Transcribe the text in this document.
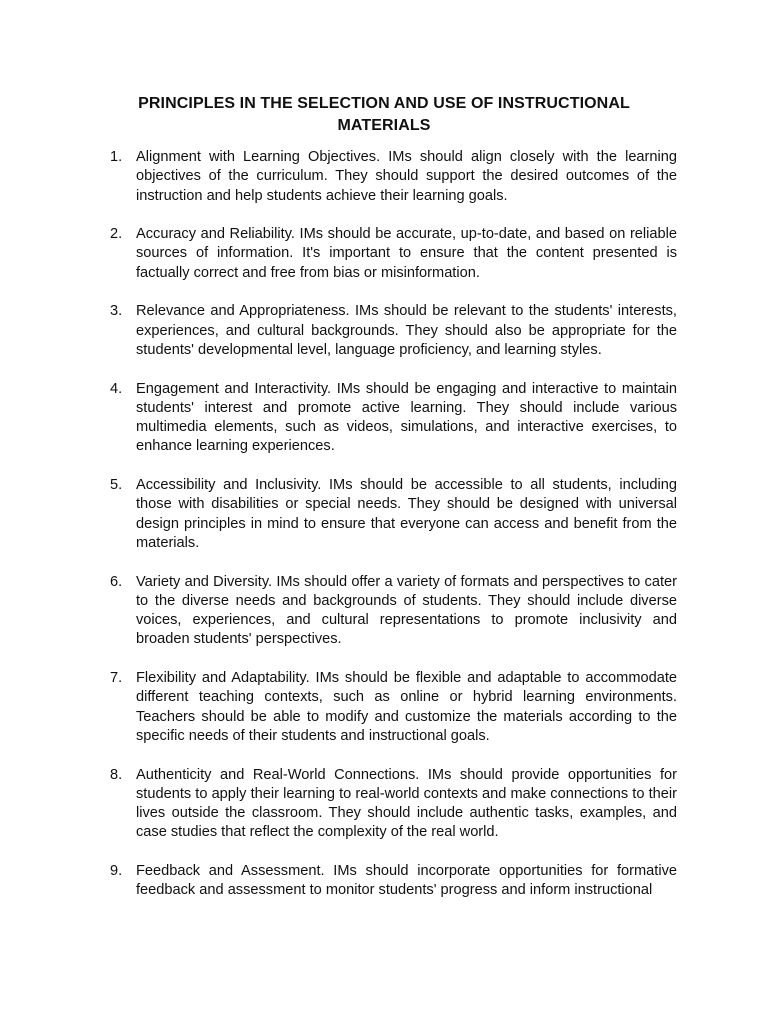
PRINCIPLES IN THE SELECTION AND USE OF INSTRUCTIONAL MATERIALS
1. Alignment with Learning Objectives. IMs should align closely with the learning objectives of the curriculum. They should support the desired outcomes of the instruction and help students achieve their learning goals.
2. Accuracy and Reliability. IMs should be accurate, up-to-date, and based on reliable sources of information. It's important to ensure that the content presented is factually correct and free from bias or misinformation.
3. Relevance and Appropriateness. IMs should be relevant to the students' interests, experiences, and cultural backgrounds. They should also be appropriate for the students' developmental level, language proficiency, and learning styles.
4. Engagement and Interactivity. IMs should be engaging and interactive to maintain students' interest and promote active learning. They should include various multimedia elements, such as videos, simulations, and interactive exercises, to enhance learning experiences.
5. Accessibility and Inclusivity. IMs should be accessible to all students, including those with disabilities or special needs. They should be designed with universal design principles in mind to ensure that everyone can access and benefit from the materials.
6. Variety and Diversity. IMs should offer a variety of formats and perspectives to cater to the diverse needs and backgrounds of students. They should include diverse voices, experiences, and cultural representations to promote inclusivity and broaden students' perspectives.
7. Flexibility and Adaptability. IMs should be flexible and adaptable to accommodate different teaching contexts, such as online or hybrid learning environments. Teachers should be able to modify and customize the materials according to the specific needs of their students and instructional goals.
8. Authenticity and Real-World Connections. IMs should provide opportunities for students to apply their learning to real-world contexts and make connections to their lives outside the classroom. They should include authentic tasks, examples, and case studies that reflect the complexity of the real world.
9. Feedback and Assessment. IMs should incorporate opportunities for formative feedback and assessment to monitor students' progress and inform instructional
